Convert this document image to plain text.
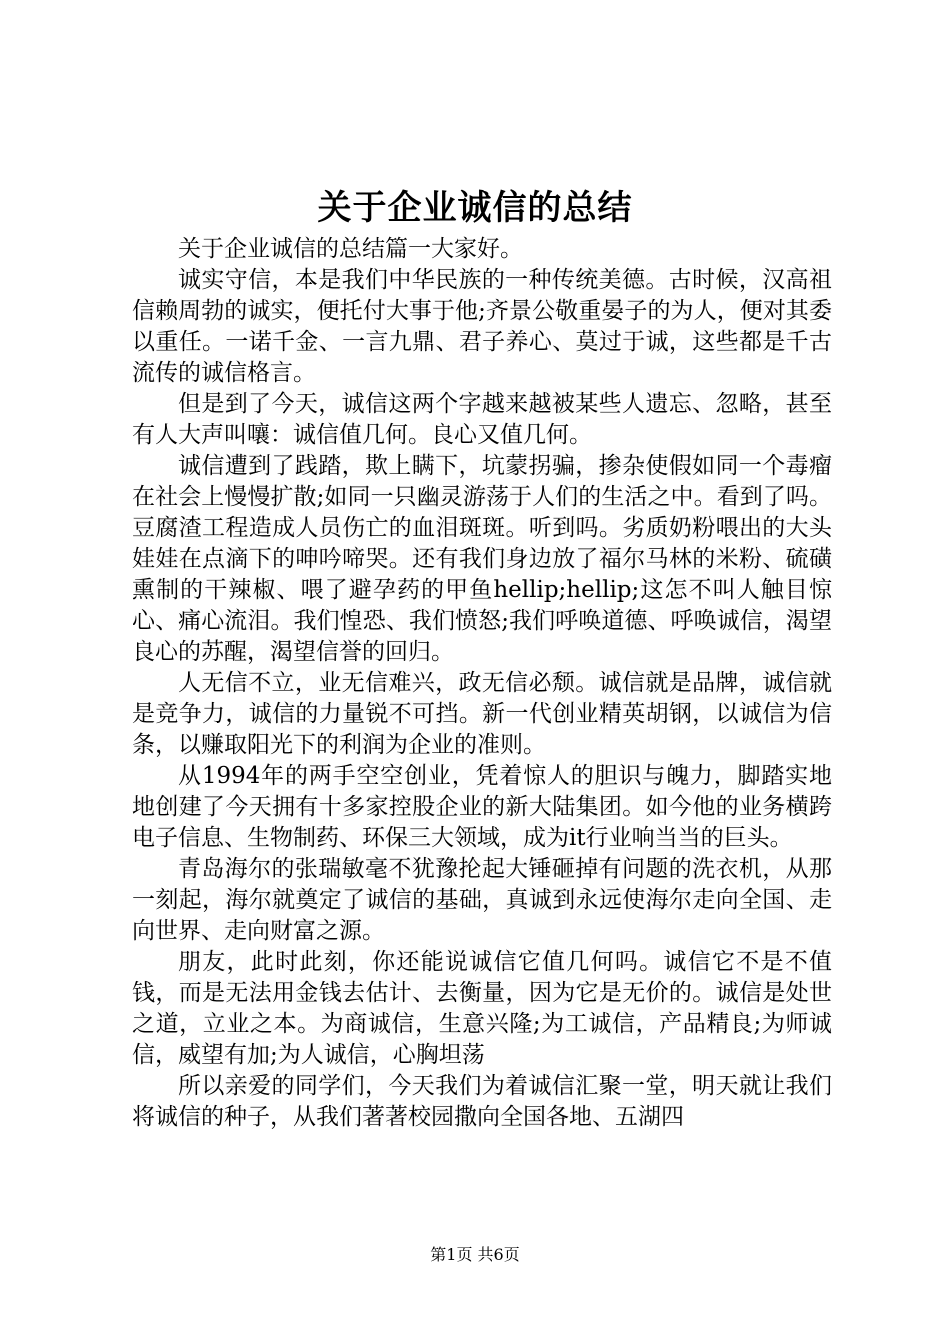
关于企业诚信的总结

关于企业诚信的总结篇一大家好。

诚实守信，本是我们中华民族的一种传统美德。古时候，汉高祖信赖周勃的诚实，便托付大事于他;齐景公敬重晏子的为人，便对其委以重任。一诺千金、一言九鼎、君子养心、莫过于诚，这些都是千古流传的诚信格言。

但是到了今天，诚信这两个字越来越被某些人遗忘、忽略，甚至有人大声叫嚷：诚信值几何。良心又值几何。

诚信遭到了践踏，欺上瞒下，坑蒙拐骗，掺杂使假如同一个毒瘤在社会上慢慢扩散;如同一只幽灵游荡于人们的生活之中。看到了吗。豆腐渣工程造成人员伤亡的血泪斑斑。听到吗。劣质奶粉喂出的大头娃娃在点滴下的呻吟啼哭。还有我们身边放了福尔马林的米粉、硫磺熏制的干辣椒、喂了避孕药的甲鱼hellip;hellip;这怎不叫人触目惊心、痛心流泪。我们惶恐、我们愤怒;我们呼唤道德、呼唤诚信，渴望良心的苏醒，渴望信誉的回归。

人无信不立，业无信难兴，政无信必颓。诚信就是品牌，诚信就是竞争力，诚信的力量锐不可挡。新一代创业精英胡钢，以诚信为信条，以赚取阳光下的利润为企业的准则。

从1994年的两手空空创业，凭着惊人的胆识与魄力，脚踏实地地创建了今天拥有十多家控股企业的新大陆集团。如今他的业务横跨电子信息、生物制药、环保三大领域，成为it行业响当当的巨头。

青岛海尔的张瑞敏毫不犹豫抡起大锤砸掉有问题的洗衣机，从那一刻起，海尔就奠定了诚信的基础，真诚到永远使海尔走向全国、走向世界、走向财富之源。

朋友，此时此刻，你还能说诚信它值几何吗。诚信它不是不值钱，而是无法用金钱去估计、去衡量，因为它是无价的。诚信是处世之道，立业之本。为商诚信，生意兴隆;为工诚信，产品精良;为师诚信，威望有加;为人诚信，心胸坦荡

所以亲爱的同学们，今天我们为着诚信汇聚一堂，明天就让我们将诚信的种子，从我们著著校园撒向全国各地、五湖四

第1页 共6页
